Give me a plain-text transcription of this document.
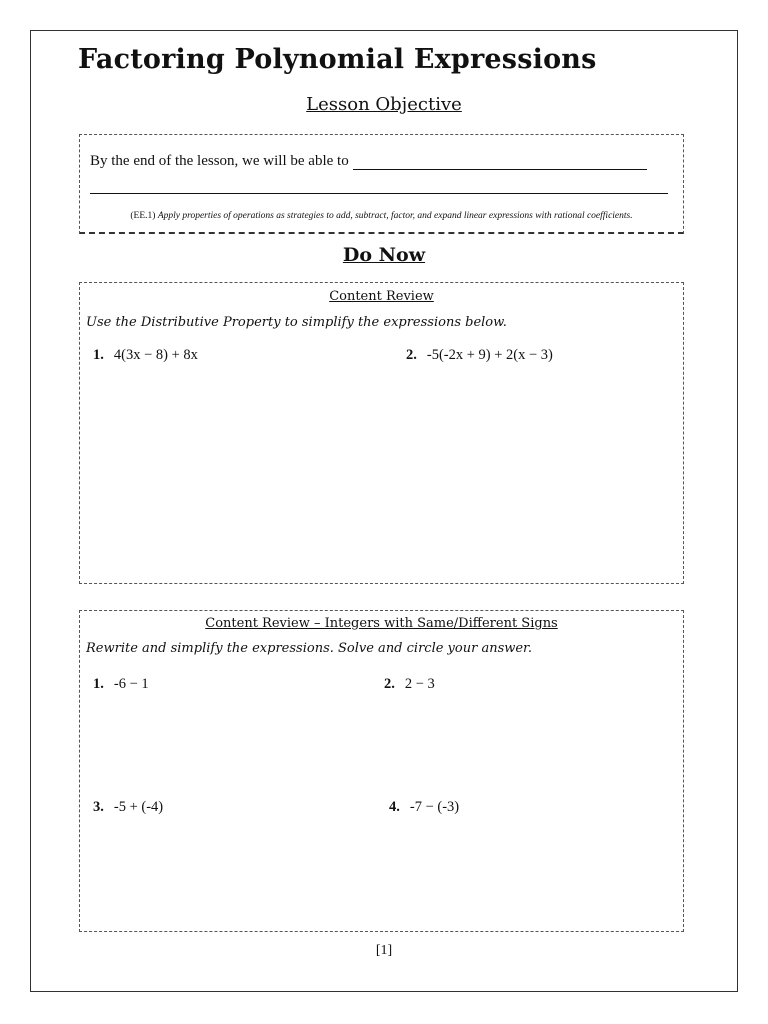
Factoring Polynomial Expressions
Lesson Objective
By the end of the lesson, we will be able to
(EE.1) Apply properties of operations as strategies to add, subtract, factor, and expand linear expressions with rational coefficients.
Do Now
Content Review
Use the Distributive Property to simplify the expressions below.
1. 4(3x − 8) + 8x	2. -5(-2x + 9) + 2(x − 3)
Content Review – Integers with Same/Different Signs
Rewrite and simplify the expressions. Solve and circle your answer.
1. -6 − 1	2. 2 − 3
3. -5 + (-4)	4. -7 − (-3)
[1]
